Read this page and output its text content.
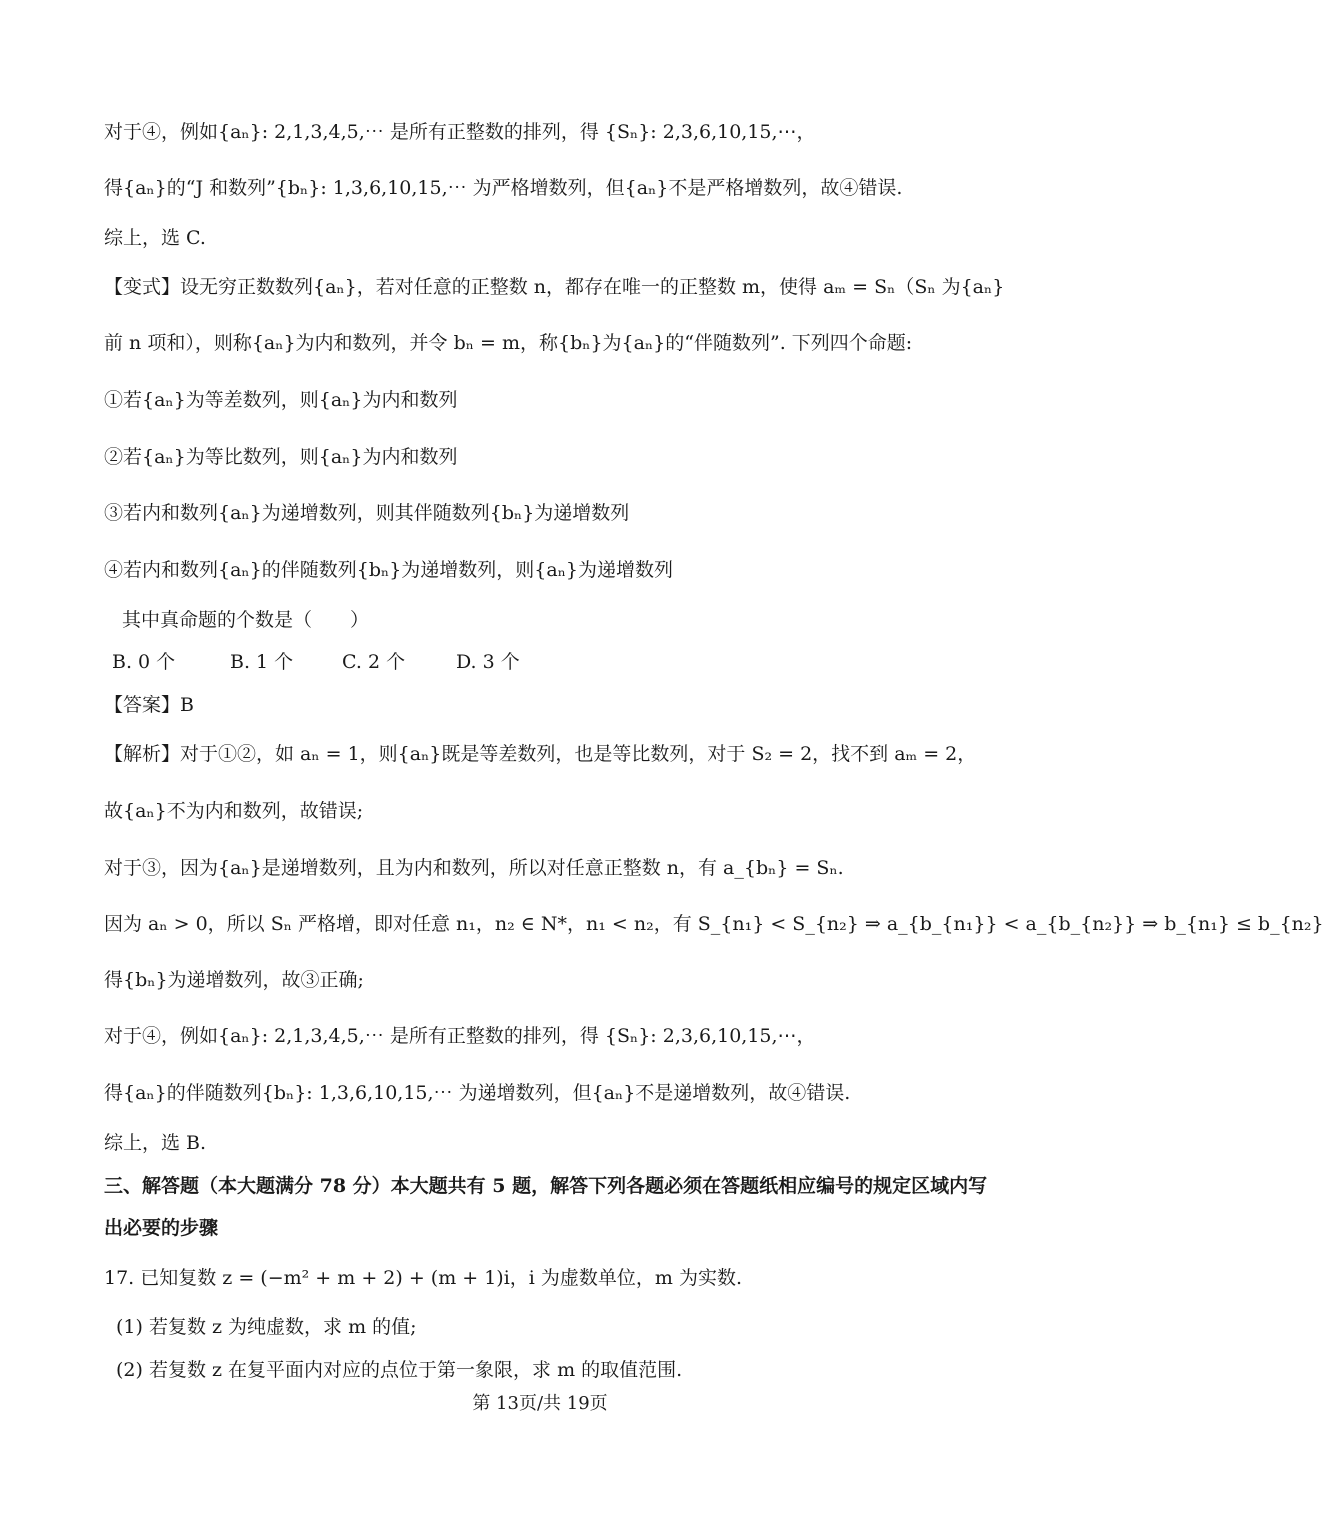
对于④，例如{aₙ}: 2,1,3,4,5,⋯ 是所有正整数的排列，得 {Sₙ}: 2,3,6,10,15,⋯，
得{aₙ}的“J 和数列”{bₙ}: 1,3,6,10,15,⋯ 为严格增数列，但{aₙ}不是严格增数列，故④错误.
综上，选 C.
【变式】设无穷正数数列{aₙ}，若对任意的正整数 n，都存在唯一的正整数 m，使得 aₘ = Sₙ（Sₙ 为{aₙ}
前 n 项和），则称{aₙ}为内和数列，并令 bₙ = m，称{bₙ}为{aₙ}的“伴随数列”. 下列四个命题:
①若{aₙ}为等差数列，则{aₙ}为内和数列
②若{aₙ}为等比数列，则{aₙ}为内和数列
③若内和数列{aₙ}为递增数列，则其伴随数列{bₙ}为递增数列
④若内和数列{aₙ}的伴随数列{bₙ}为递增数列，则{aₙ}为递增数列
其中真命题的个数是（　　）
B. 0 个	B. 1 个	C. 2 个	D. 3 个
【答案】B
【解析】对于①②，如 aₙ = 1，则{aₙ}既是等差数列，也是等比数列，对于 S₂ = 2，找不到 aₘ = 2，
故{aₙ}不为内和数列，故错误;
对于③，因为{aₙ}是递增数列，且为内和数列，所以对任意正整数 n，有 a_{bₙ} = Sₙ.
因为 aₙ > 0，所以 Sₙ 严格增，即对任意 n₁，n₂ ∈ N*，n₁ < n₂，有 S_{n₁} < S_{n₂} ⇒ a_{b_{n₁}} < a_{b_{n₂}} ⇒ b_{n₁} ≤ b_{n₂}
得{bₙ}为递增数列，故③正确;
对于④，例如{aₙ}: 2,1,3,4,5,⋯ 是所有正整数的排列，得 {Sₙ}: 2,3,6,10,15,⋯，
得{aₙ}的伴随数列{bₙ}: 1,3,6,10,15,⋯ 为递增数列，但{aₙ}不是递增数列，故④错误.
综上，选 B.
三、解答题（本大题满分 78 分）本大题共有 5 题，解答下列各题必须在答题纸相应编号的规定区域内写
出必要的步骤
17. 已知复数 z = (−m² + m + 2) + (m + 1)i，i 为虚数单位，m 为实数.
(1) 若复数 z 为纯虚数，求 m 的值;
(2) 若复数 z 在复平面内对应的点位于第一象限，求 m 的取值范围.
第 13页/共 19页
